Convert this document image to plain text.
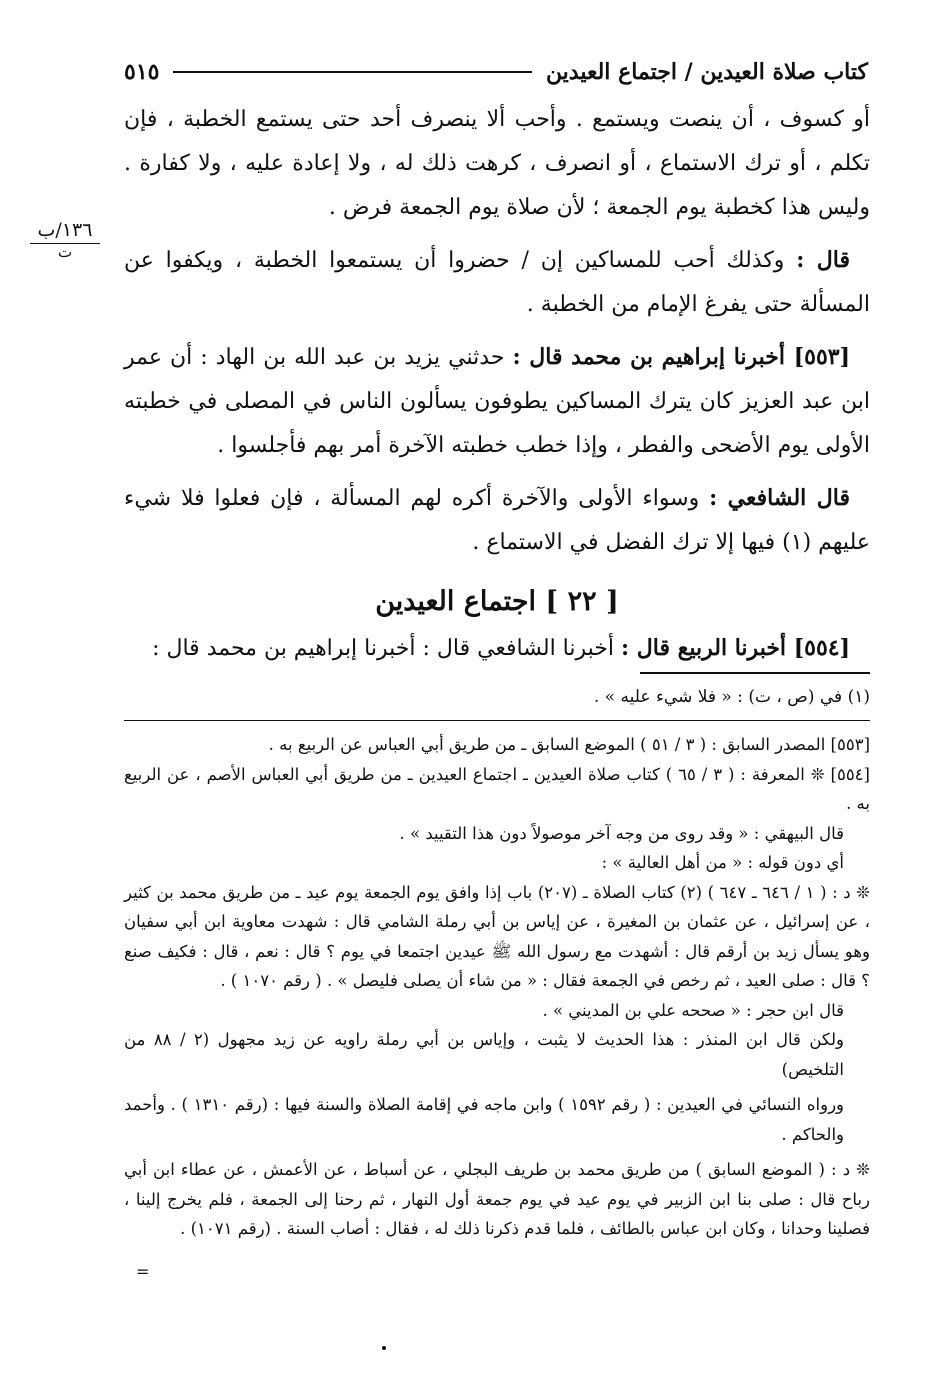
كتاب صلاة العيدين / اجتماع العيدين
٥١٥
١٣٦/ب
ت

أو كسوف ، أن ينصت ويستمع . وأحب ألا ينصرف أحد حتى يستمع الخطبة ، فإن تكلم ، أو ترك الاستماع ، أو انصرف ، كرهت ذلك له ، ولا إعادة عليه ، ولا كفارة . وليس هذا كخطبة يوم الجمعة ؛ لأن صلاة يوم الجمعة فرض .

قال : وكذلك أحب للمساكين إن / حضروا أن يستمعوا الخطبة ، ويكفوا عن المسألة حتى يفرغ الإمام من الخطبة .

[٥٥٣] أخبرنا إبراهيم بن محمد قال : حدثني يزيد بن عبد الله بن الهاد : أن عمر ابن عبد العزيز كان يترك المساكين يطوفون يسألون الناس في المصلى في خطبته الأولى يوم الأضحى والفطر ، وإذا خطب خطبته الآخرة أمر بهم فأجلسوا .

قال الشافعي : وسواء الأولى والآخرة أكره لهم المسألة ، فإن فعلوا فلا شيء عليهم (١) فيها إلا ترك الفضل في الاستماع .

[ ٢٢ ] اجتماع العيدين
[٥٥٤] أخبرنا الربيع قال : أخبرنا الشافعي قال : أخبرنا إبراهيم بن محمد قال :
(١) في (ص ، ت) : « فلا شيء عليه » .

[٥٥٣] المصدر السابق : ( ٣ / ٥١ ) الموضع السابق ـ من طريق أبي العباس عن الربيع به .

[٥٥٤] ❊ المعرفة : ( ٣ / ٦٥ ) كتاب صلاة العيدين ـ اجتماع العيدين ـ من طريق أبي العباس الأصم ، عن الربيع به .

قال البيهقي : « وقد روى من وجه آخر موصولاً دون هذا التقييد » .

أي دون قوله : « من أهل العالية » :

❊ د : ( ١ / ٦٤٦ ـ ٦٤٧ ) (٢) كتاب الصلاة ـ (٢٠٧) باب إذا وافق يوم الجمعة يوم عيد ـ من طريق محمد بن كثير ، عن إسرائيل ، عن عثمان بن المغيرة ، عن إياس بن أبي رملة الشامي قال : شهدت معاوية ابن أبي سفيان وهو يسأل زيد بن أرقم قال : أشهدت مع رسول الله ﷺ عيدين اجتمعا في يوم ؟ قال : نعم ، قال : فكيف صنع ؟ قال : صلى العيد ، ثم رخص في الجمعة فقال : « من شاء أن يصلى فليصل » . ( رقم ١٠٧٠ ) .

قال ابن حجر : « صححه علي بن المديني » .

ولكن قال ابن المنذر : هذا الحديث لا يثبت ، وإياس بن أبي رملة راويه عن زيد مجهول (٢ / ٨٨ من التلخيص)

ورواه النسائي في العيدين : ( رقم ١٥٩٢ ) وابن ماجه في إقامة الصلاة والسنة فيها : (رقم ١٣١٠ ) . وأحمد والحاكم .

❊ د : ( الموضع السابق ) من طريق محمد بن طريف البجلي ، عن أسباط ، عن الأعمش ، عن عطاء ابن أبي رباح قال : صلى بنا ابن الزبير في يوم عيد في يوم جمعة أول النهار ، ثم رحنا إلى الجمعة ، فلم يخرج إلينا ، فصلينا وحدانا ، وكان ابن عباس بالطائف ، فلما قدم ذكرنا ذلك له ، فقال : أصاب السنة . (رقم ١٠٧١) .

=
